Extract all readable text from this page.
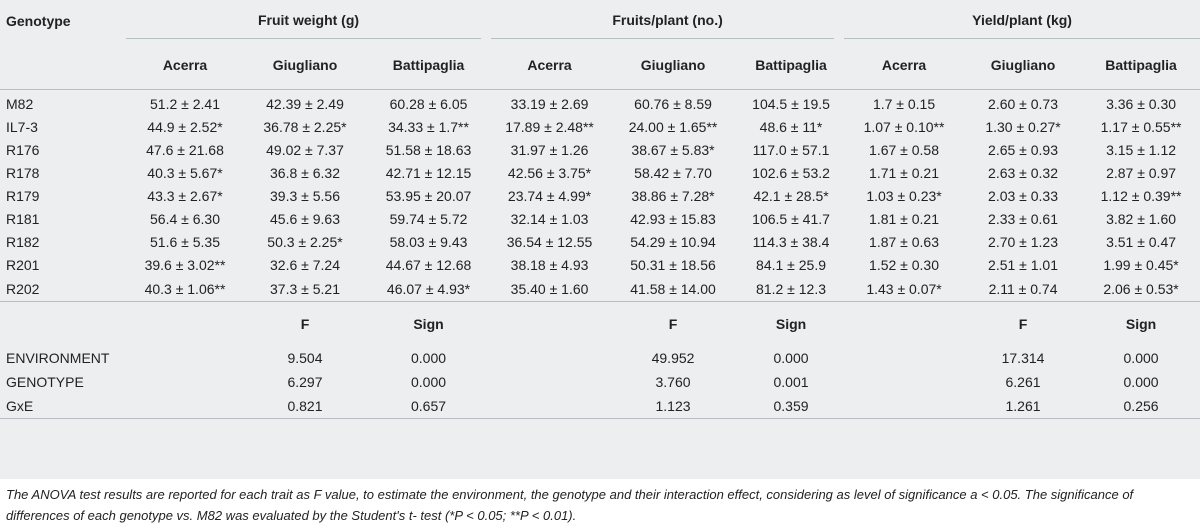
Genotype	Fruit weight (g)			Fruits/plant (no.)			Yield/plant (kg)		

	Acerra	Giugliano	Battipaglia	Acerra	Giugliano	Battipaglia	Acerra	Giugliano	Battipaglia
M82	51.2 ± 2.41	42.39 ± 2.49	60.28 ± 6.05	33.19 ± 2.69	60.76 ± 8.59	104.5 ± 19.5	1.7 ± 0.15	2.60 ± 0.73	3.36 ± 0.30
IL7-3	44.9 ± 2.52*	36.78 ± 2.25*	34.33 ± 1.7**	17.89 ± 2.48**	24.00 ± 1.65**	48.6 ± 11*	1.07 ± 0.10**	1.30 ± 0.27*	1.17 ± 0.55**
R176	47.6 ± 21.68	49.02 ± 7.37	51.58 ± 18.63	31.97 ± 1.26	38.67 ± 5.83*	117.0 ± 57.1	1.67 ± 0.58	2.65 ± 0.93	3.15 ± 1.12
R178	40.3 ± 5.67*	36.8 ± 6.32	42.71 ± 12.15	42.56 ± 3.75*	58.42 ± 7.70	102.6 ± 53.2	1.71 ± 0.21	2.63 ± 0.32	2.87 ± 0.97
R179	43.3 ± 2.67*	39.3 ± 5.56	53.95 ± 20.07	23.74 ± 4.99*	38.86 ± 7.28*	42.1 ± 28.5*	1.03 ± 0.23*	2.03 ± 0.33	1.12 ± 0.39**
R181	56.4 ± 6.30	45.6 ± 9.63	59.74 ± 5.72	32.14 ± 1.03	42.93 ± 15.83	106.5 ± 41.7	1.81 ± 0.21	2.33 ± 0.61	3.82 ± 1.60
R182	51.6 ± 5.35	50.3 ± 2.25*	58.03 ± 9.43	36.54 ± 12.55	54.29 ± 10.94	114.3 ± 38.4	1.87 ± 0.63	2.70 ± 1.23	3.51 ± 0.47
R201	39.6 ± 3.02**	32.6 ± 7.24	44.67 ± 12.68	38.18 ± 4.93	50.31 ± 18.56	84.1 ± 25.9	1.52 ± 0.30	2.51 ± 1.01	1.99 ± 0.45*
R202	40.3 ± 1.06**	37.3 ± 5.21	46.07 ± 4.93*	35.40 ± 1.60	41.58 ± 14.00	81.2 ± 12.3	1.43 ± 0.07*	2.11 ± 0.74	2.06 ± 0.53*
		F	Sign		F	Sign		F	Sign
ENVIRONMENT		9.504	0.000		49.952	0.000		17.314	0.000
GENOTYPE		6.297	0.000		3.760	0.001		6.261	0.000
GxE		0.821	0.657		1.123	0.359		1.261	0.256
The ANOVA test results are reported for each trait as F value, to estimate the environment, the genotype and their interaction effect, considering as level of significance a < 0.05. The significance of differences of each genotype vs. M82 was evaluated by the Student's t- test (*P < 0.05; **P < 0.01).
